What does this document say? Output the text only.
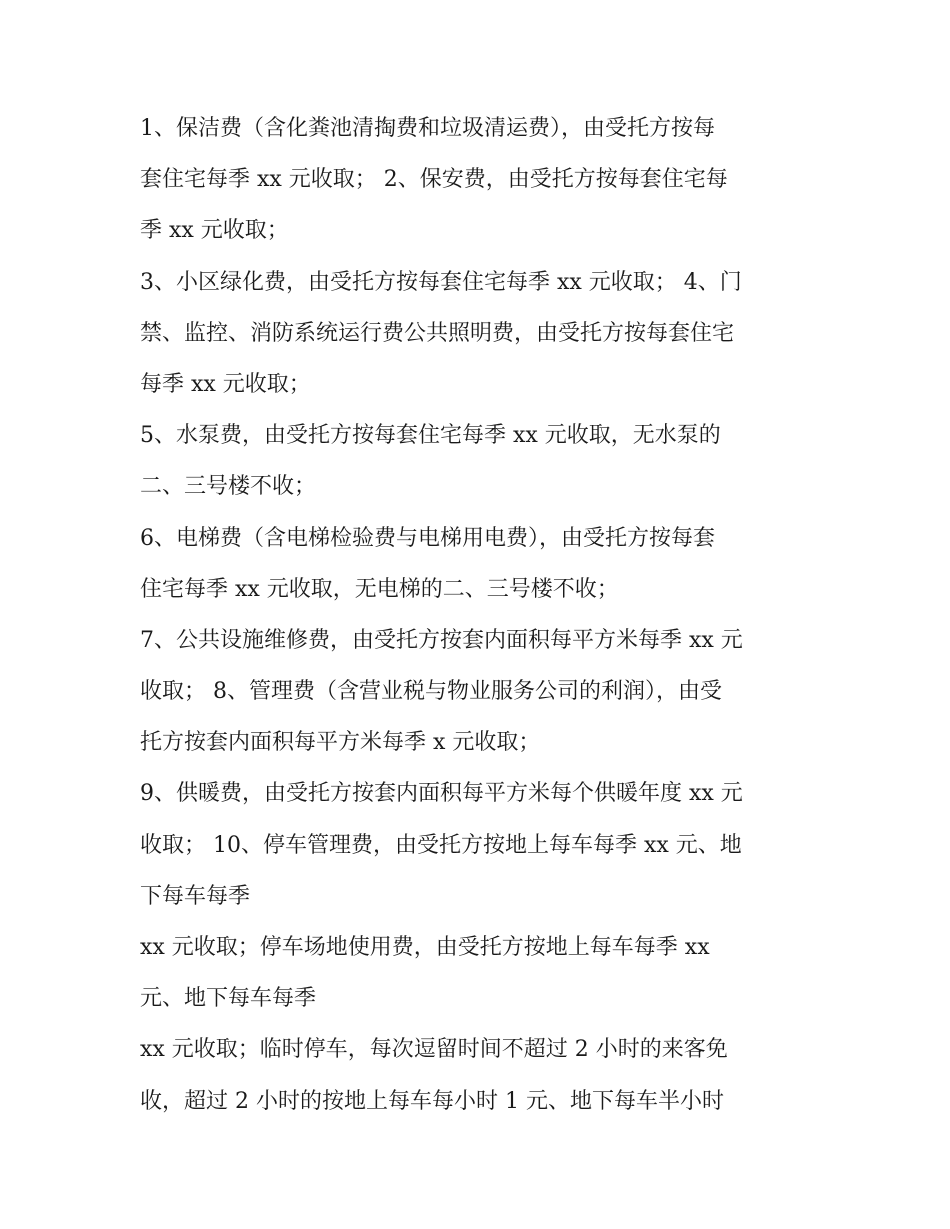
1、保洁费（含化粪池清掏费和垃圾清运费），由受托方按每
套住宅每季 xx 元收取； 2、保安费，由受托方按每套住宅每
季 xx 元收取；
3、小区绿化费，由受托方按每套住宅每季 xx 元收取； 4、门
禁、监控、消防系统运行费公共照明费，由受托方按每套住宅
每季 xx 元收取；
5、水泵费，由受托方按每套住宅每季 xx 元收取，无水泵的
二、三号楼不收；
6、电梯费（含电梯检验费与电梯用电费），由受托方按每套
住宅每季 xx 元收取，无电梯的二、三号楼不收；
7、公共设施维修费，由受托方按套内面积每平方米每季 xx 元
收取； 8、管理费（含营业税与物业服务公司的利润），由受
托方按套内面积每平方米每季 x 元收取；
9、供暖费，由受托方按套内面积每平方米每个供暖年度 xx 元
收取； 10、停车管理费，由受托方按地上每车每季 xx 元、地
下每车每季
xx 元收取；停车场地使用费，由受托方按地上每车每季 xx
元、地下每车每季
xx 元收取；临时停车，每次逗留时间不超过 2 小时的来客免
收，超过 2 小时的按地上每车每小时 1 元、地下每车半小时
